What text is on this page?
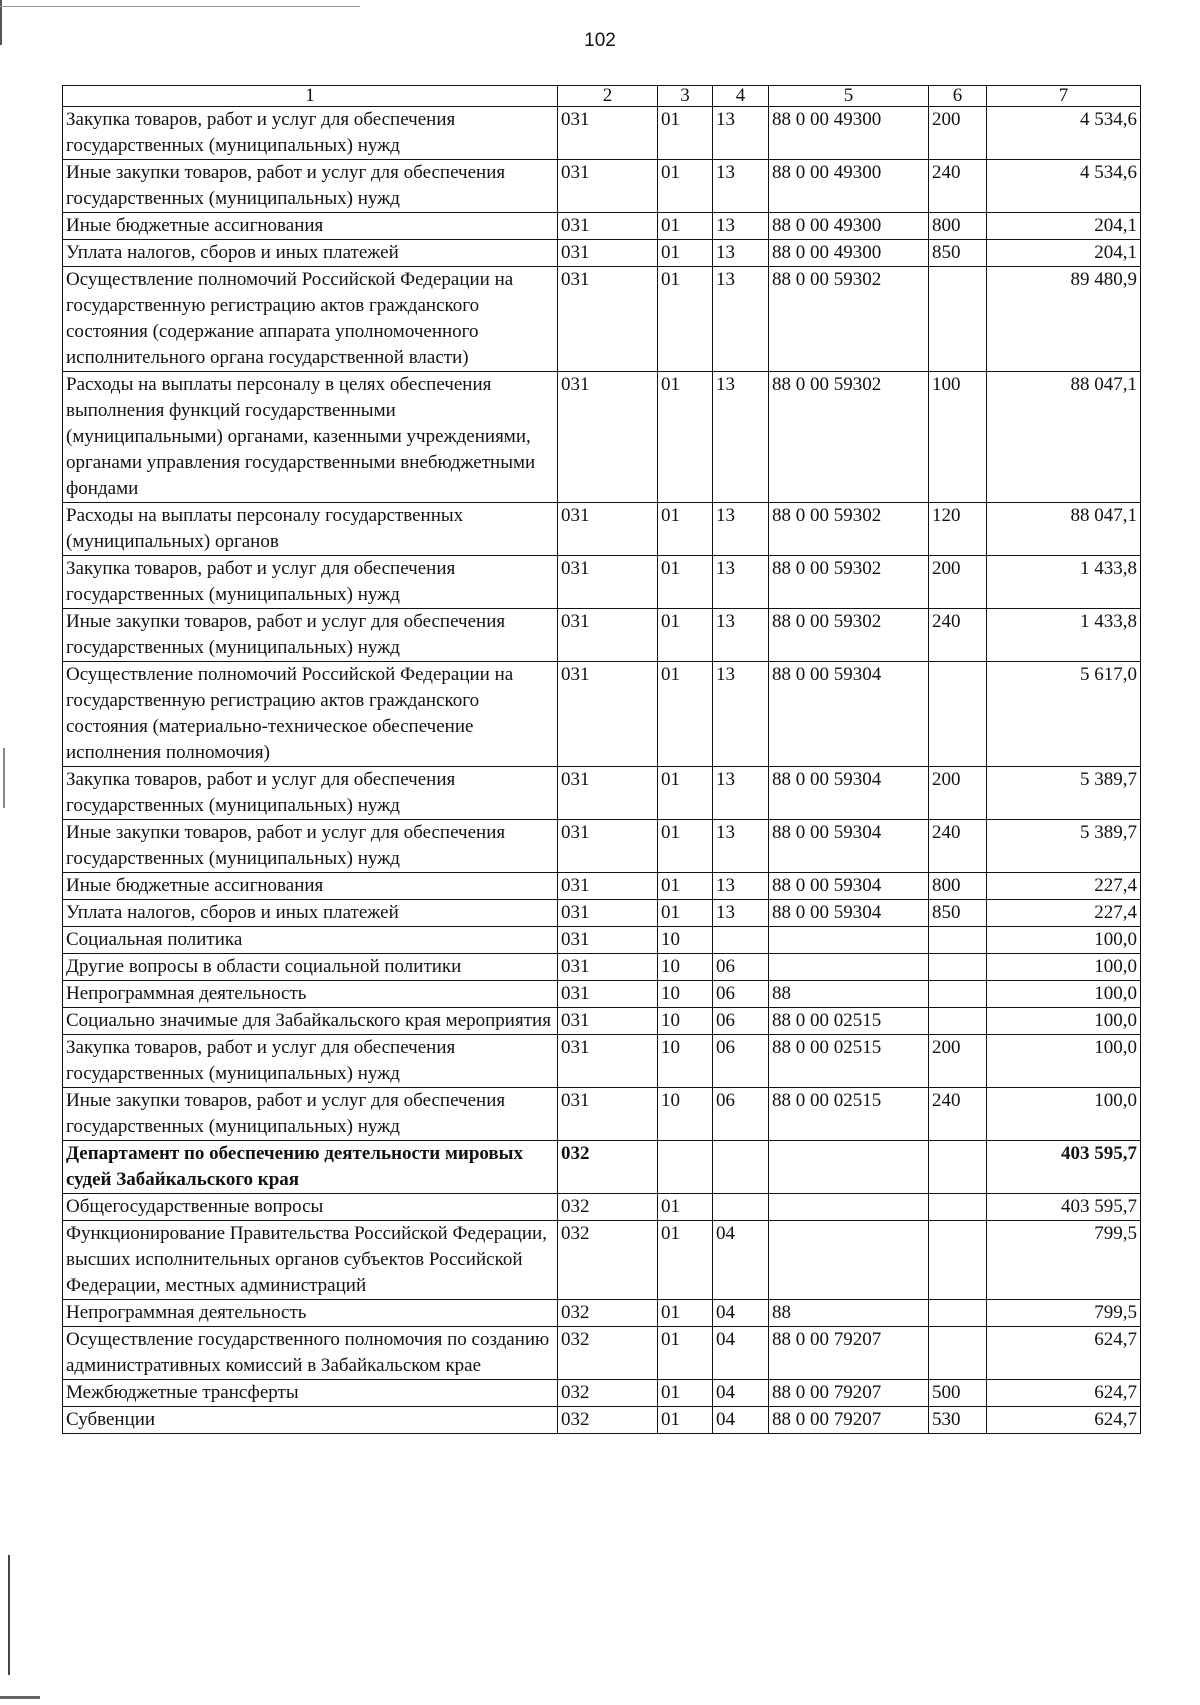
102
1	2	3	4	5	6	7
Закупка товаров, работ и услуг для обеспечения государственных (муниципальных) нужд	031	01	13	88 0 00 49300	200	4 534,6
Иные закупки товаров, работ и услуг для обеспечения государственных (муниципальных) нужд	031	01	13	88 0 00 49300	240	4 534,6
Иные бюджетные ассигнования	031	01	13	88 0 00 49300	800	204,1
Уплата налогов, сборов и иных платежей	031	01	13	88 0 00 49300	850	204,1
Осуществление полномочий Российской Федерации на государственную регистрацию актов гражданского состояния (содержание аппарата уполномоченного исполнительного органа государственной власти)	031	01	13	88 0 00 59302		89 480,9
Расходы на выплаты персоналу в целях обеспечения выполнения функций государственными (муниципальными) органами, казенными учреждениями, органами управления государственными внебюджетными фондами	031	01	13	88 0 00 59302	100	88 047,1
Расходы на выплаты персоналу государственных (муниципальных) органов	031	01	13	88 0 00 59302	120	88 047,1
Закупка товаров, работ и услуг для обеспечения государственных (муниципальных) нужд	031	01	13	88 0 00 59302	200	1 433,8
Иные закупки товаров, работ и услуг для обеспечения государственных (муниципальных) нужд	031	01	13	88 0 00 59302	240	1 433,8
Осуществление полномочий Российской Федерации на государственную регистрацию актов гражданского состояния (материально-техническое обеспечение исполнения полномочия)	031	01	13	88 0 00 59304		5 617,0
Закупка товаров, работ и услуг для обеспечения государственных (муниципальных) нужд	031	01	13	88 0 00 59304	200	5 389,7
Иные закупки товаров, работ и услуг для обеспечения государственных (муниципальных) нужд	031	01	13	88 0 00 59304	240	5 389,7
Иные бюджетные ассигнования	031	01	13	88 0 00 59304	800	227,4
Уплата налогов, сборов и иных платежей	031	01	13	88 0 00 59304	850	227,4
Социальная политика	031	10				100,0
Другие вопросы в области социальной политики	031	10	06			100,0
Непрограммная деятельность	031	10	06	88		100,0
Социально значимые для Забайкальского края мероприятия	031	10	06	88 0 00 02515		100,0
Закупка товаров, работ и услуг для обеспечения государственных (муниципальных) нужд	031	10	06	88 0 00 02515	200	100,0
Иные закупки товаров, работ и услуг для обеспечения государственных (муниципальных) нужд	031	10	06	88 0 00 02515	240	100,0
Департамент по обеспечению деятельности мировых судей Забайкальского края	032					403 595,7
Общегосударственные вопросы	032	01				403 595,7
Функционирование Правительства Российской Федерации, высших исполнительных органов субъектов Российской Федерации, местных администраций	032	01	04			799,5
Непрограммная деятельность	032	01	04	88		799,5
Осуществление государственного полномочия по созданию административных комиссий в Забайкальском крае	032	01	04	88 0 00 79207		624,7
Межбюджетные трансферты	032	01	04	88 0 00 79207	500	624,7
Субвенции	032	01	04	88 0 00 79207	530	624,7
